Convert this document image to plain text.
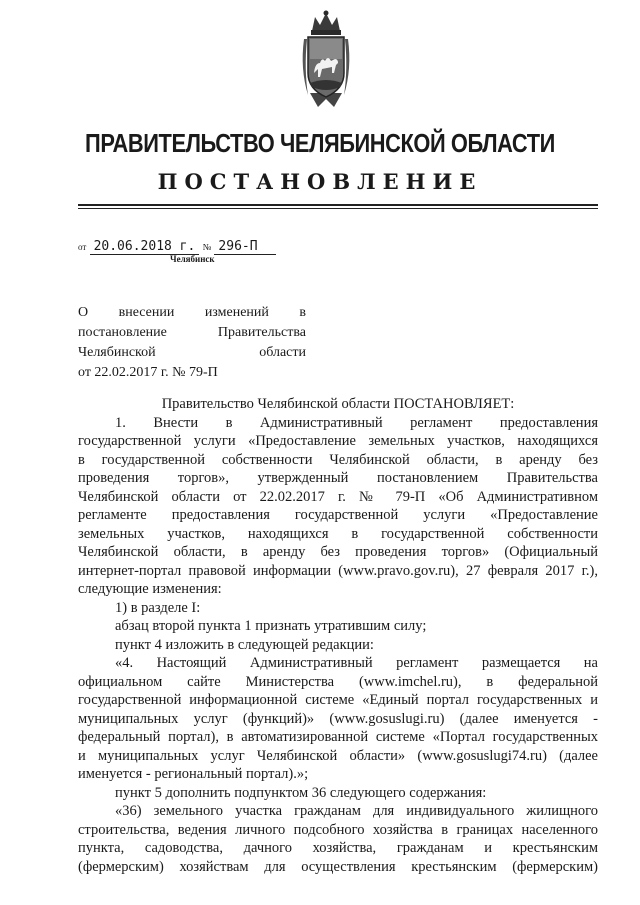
ПРАВИТЕЛЬСТВО ЧЕЛЯБИНСКОЙ ОБЛАСТИ
ПОСТАНОВЛЕНИЕ
от 20.06.2018 г. № 296-П
Челябинск
О внесении изменений в
постановление Правительства
Челябинской области
от 22.02.2017 г. № 79-П
Правительство Челябинской области ПОСТАНОВЛЯЕТ:
1. Внести в Административный регламент предоставления
государственной услуги «Предоставление земельных участков, находящихся
в государственной собственности Челябинской области, в аренду без
проведения торгов», утвержденный постановлением Правительства
Челябинской области от 22.02.2017 г. № 79-П «Об Административном
регламенте предоставления государственной услуги «Предоставление
земельных участков, находящихся в государственной собственности
Челябинской области, в аренду без проведения торгов» (Официальный
интернет-портал правовой информации (www.pravo.gov.ru), 27 февраля 2017 г.),
следующие изменения:
1) в разделе I:
абзац второй пункта 1 признать утратившим силу;
пункт 4 изложить в следующей редакции:
«4. Настоящий Административный регламент размещается на
официальном сайте Министерства (www.imchel.ru), в федеральной
государственной информационной системе «Единый портал государственных и
муниципальных услуг (функций)» (www.gosuslugi.ru) (далее именуется -
федеральный портал), в автоматизированной системе «Портал государственных
и муниципальных услуг Челябинской области» (www.gosuslugi74.ru) (далее
именуется - региональный портал).»;
пункт 5 дополнить подпунктом 36 следующего содержания:
«36) земельного участка гражданам для индивидуального жилищного
строительства, ведения личного подсобного хозяйства в границах населенного
пункта, садоводства, дачного хозяйства, гражданам и крестьянским
(фермерским) хозяйствам для осуществления крестьянским (фермерским)
